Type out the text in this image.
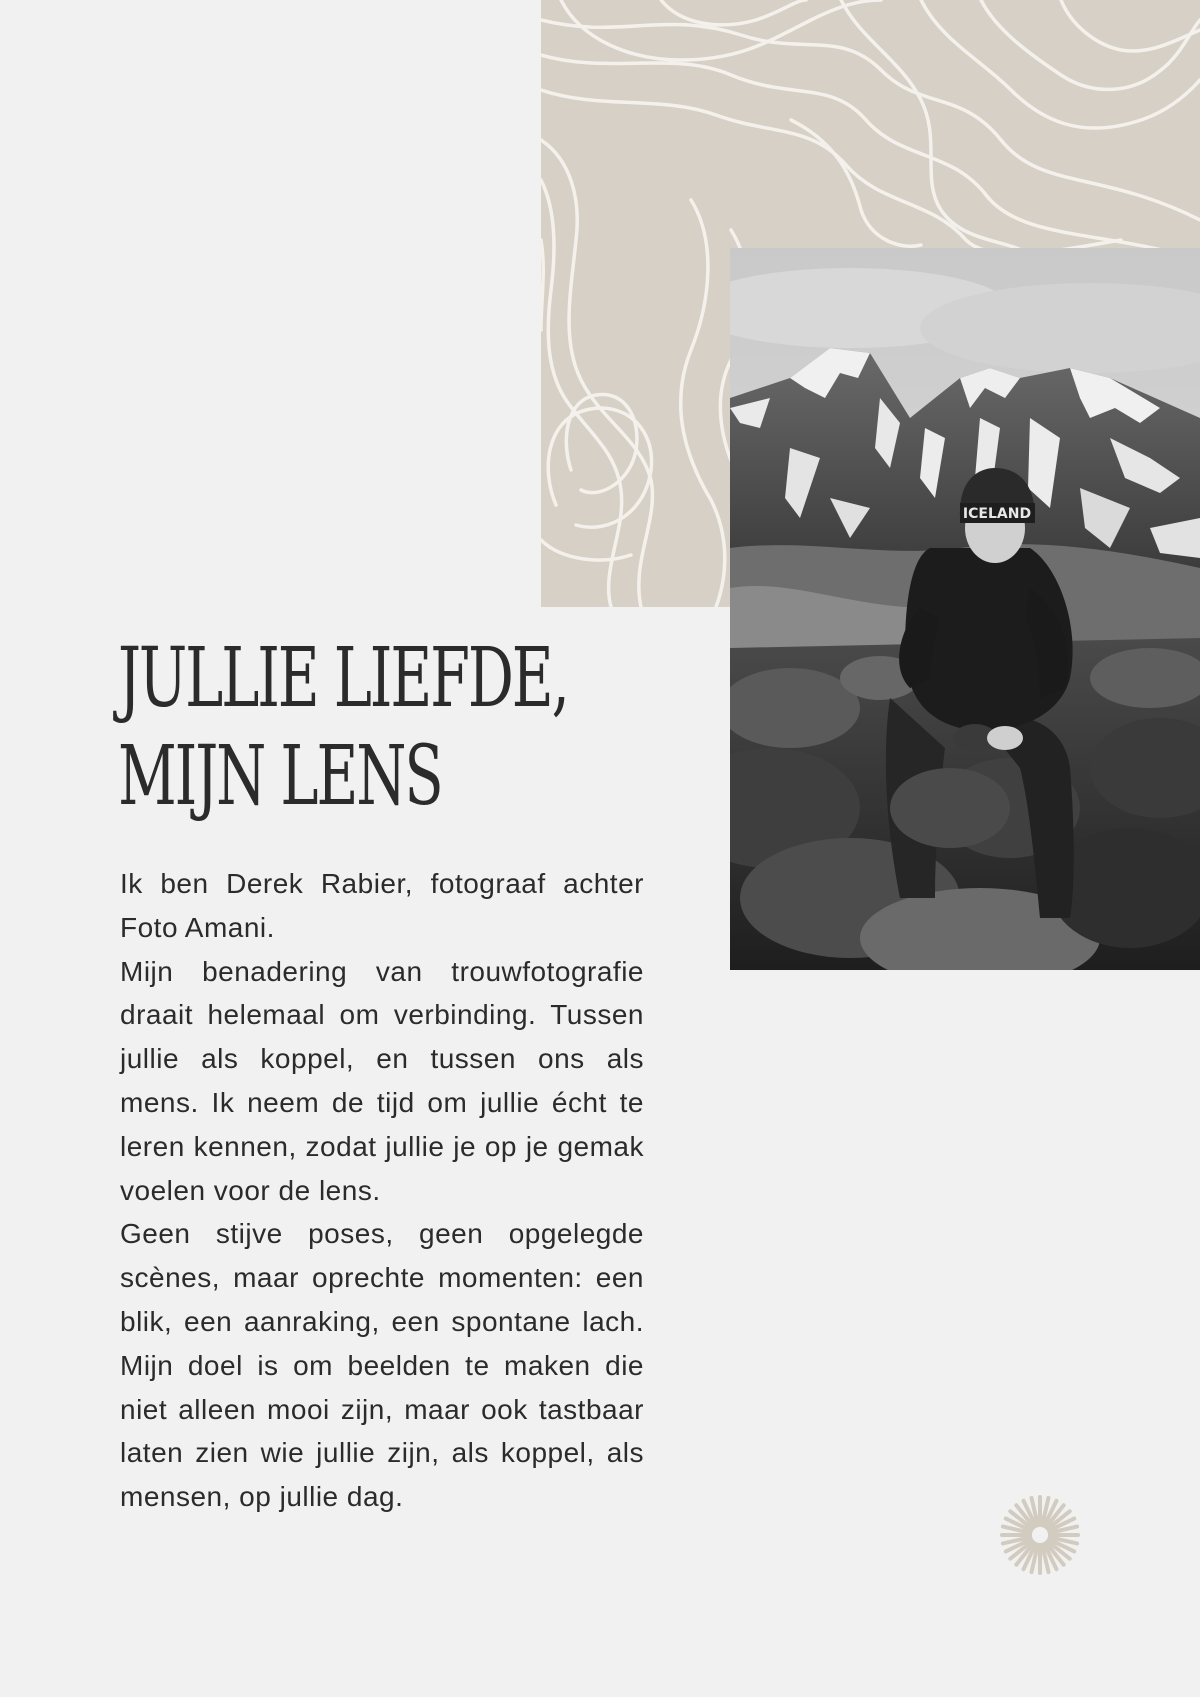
ICELAND
JULLIE LIEFDE,
MIJN LENS

Ik ben Derek Rabier, fotograaf achter Foto Amani.

Mijn benadering van trouwfotografie draait helemaal om verbinding. Tussen jullie als koppel, en tussen ons als mens. Ik neem de tijd om jullie écht te leren kennen, zodat jullie je op je gemak voelen voor de lens.

Geen stijve poses, geen opgelegde scènes, maar oprechte momenten: een blik, een aanraking, een spontane lach. Mijn doel is om beelden te maken die niet alleen mooi zijn, maar ook tastbaar laten zien wie jullie zijn, als koppel, als mensen, op jullie dag.
